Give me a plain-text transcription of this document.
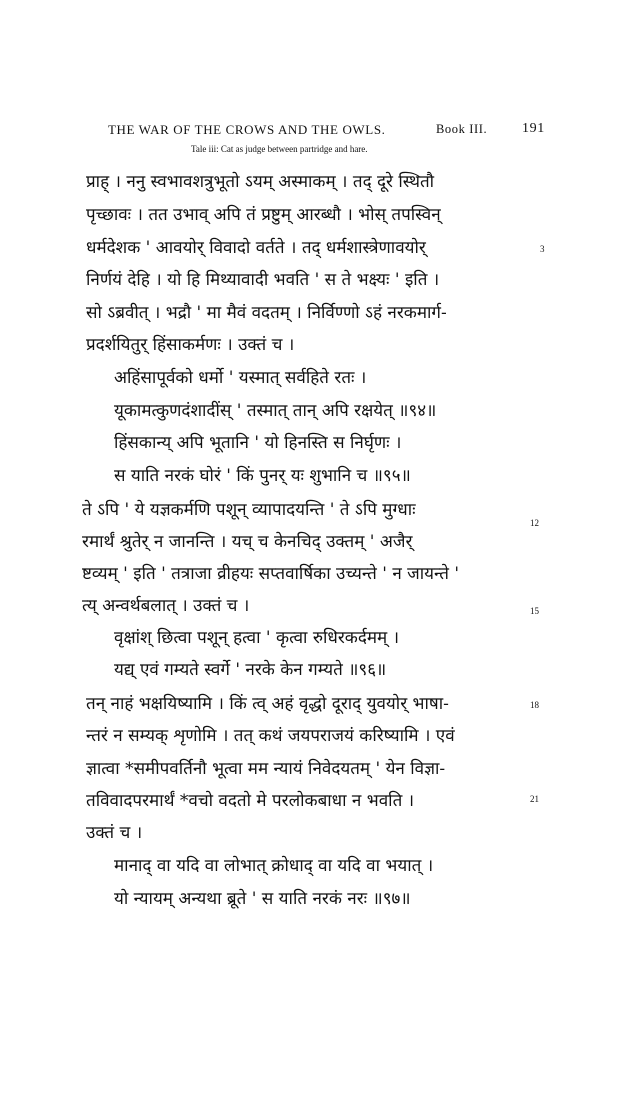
THE WAR OF THE CROWS AND THE OWLS.	Book III. 191
Tale iii: Cat as judge between partridge and hare.
प्राह् । ननु स्वभावशत्रुभूतो ऽयम् अस्माकम् । तद् दूरे स्थितौ
पृच्छावः । तत उभाव् अपि तं प्रष्टुम् आरब्धौ । भोस् तपस्विन्
धर्मदेशक ' आवयोर् विवादो वर्तते । तद् धर्मशास्त्रेणावयोर्
निर्णयं देहि । यो हि मिथ्यावादी भवति ' स ते भक्ष्यः ' इति ।
सो ऽब्रवीत् । भद्रौ ' मा मैवं वदतम् । निर्विण्णो ऽहं नरकमार्ग-
प्रदर्शयितुर् हिंसाकर्मणः । उक्तं च ।
अहिंसापूर्वको धर्मो ' यस्मात् सर्वहिते रतः ।
यूकामत्कुणदंशादींस् ' तस्मात् तान् अपि रक्षयेत् ॥९४॥
हिंसकान्य् अपि भूतानि ' यो हिनस्ति स निर्घृणः ।
स याति नरकं घोरं ' किं पुनर् यः शुभानि च ॥९५॥
ते ऽपि ' ये यज्ञकर्मणि पशून् व्यापादयन्ति ' ते ऽपि मुग्धाः
रमार्थं श्रुतेर् न जानन्ति । यच् च केनचिद् उक्तम् ' अजैर्
ष्टव्यम् ' इति ' तत्राजा व्रीहयः सप्तवार्षिका उच्यन्ते ' न जायन्ते '
त्य् अन्वर्थबलात् । उक्तं च ।
वृक्षांश् छित्वा पशून् हत्वा ' कृत्वा रुधिरकर्दमम् ।
यद्य् एवं गम्यते स्वर्गे ' नरके केन गम्यते ॥९६॥
तन् नाहं भक्षयिष्यामि । किं त्व् अहं वृद्धो दूराद् युवयोर् भाषा-
न्तरं न सम्यक् शृणोमि । तत् कथं जयपराजयं करिष्यामि । एवं
ज्ञात्वा *समीपवर्तिनौ भूत्वा मम न्यायं निवेदयतम् ' येन विज्ञा-
तविवादपरमार्थं *वचो वदतो मे परलोकबाधा न भवति ।
उक्तं च ।
मानाद् वा यदि वा लोभात् क्रोधाद् वा यदि वा भयात् ।
यो न्यायम् अन्यथा ब्रूते ' स याति नरकं नरः ॥९७॥
3
12
15
18
21
